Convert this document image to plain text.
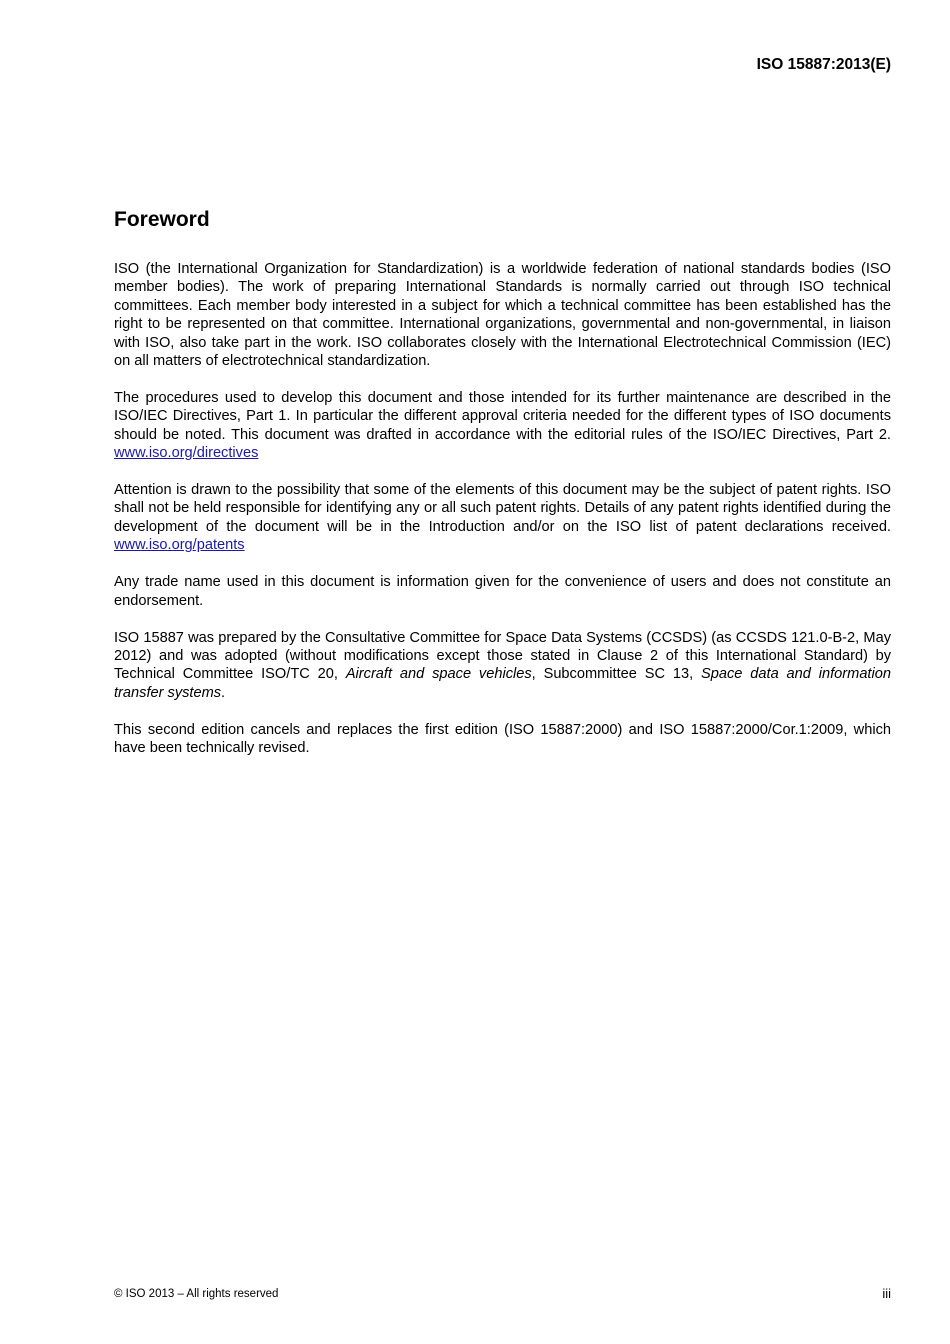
ISO 15887:2013(E)
Foreword

ISO (the International Organization for Standardization) is a worldwide federation of national standards bodies (ISO member bodies). The work of preparing International Standards is normally carried out through ISO technical committees. Each member body interested in a subject for which a technical committee has been established has the right to be represented on that committee. International organizations, governmental and non-governmental, in liaison with ISO, also take part in the work. ISO collaborates closely with the International Electrotechnical Commission (IEC) on all matters of electrotechnical standardization.

The procedures used to develop this document and those intended for its further maintenance are described in the ISO/IEC Directives, Part 1. In particular the different approval criteria needed for the different types of ISO documents should be noted. This document was drafted in accordance with the editorial rules of the ISO/IEC Directives, Part 2. www.iso.org/directives

Attention is drawn to the possibility that some of the elements of this document may be the subject of patent rights. ISO shall not be held responsible for identifying any or all such patent rights. Details of any patent rights identified during the development of the document will be in the Introduction and/or on the ISO list of patent declarations received. www.iso.org/patents

Any trade name used in this document is information given for the convenience of users and does not constitute an endorsement.

ISO 15887 was prepared by the Consultative Committee for Space Data Systems (CCSDS) (as CCSDS 121.0-B-2, May 2012) and was adopted (without modifications except those stated in Clause 2 of this International Standard) by Technical Committee ISO/TC 20, Aircraft and space vehicles, Subcommittee SC 13, Space data and information transfer systems.

This second edition cancels and replaces the first edition (ISO 15887:2000) and ISO 15887:2000/Cor.1:2009, which have been technically revised.

© ISO 2013 – All rights reserved	iii
